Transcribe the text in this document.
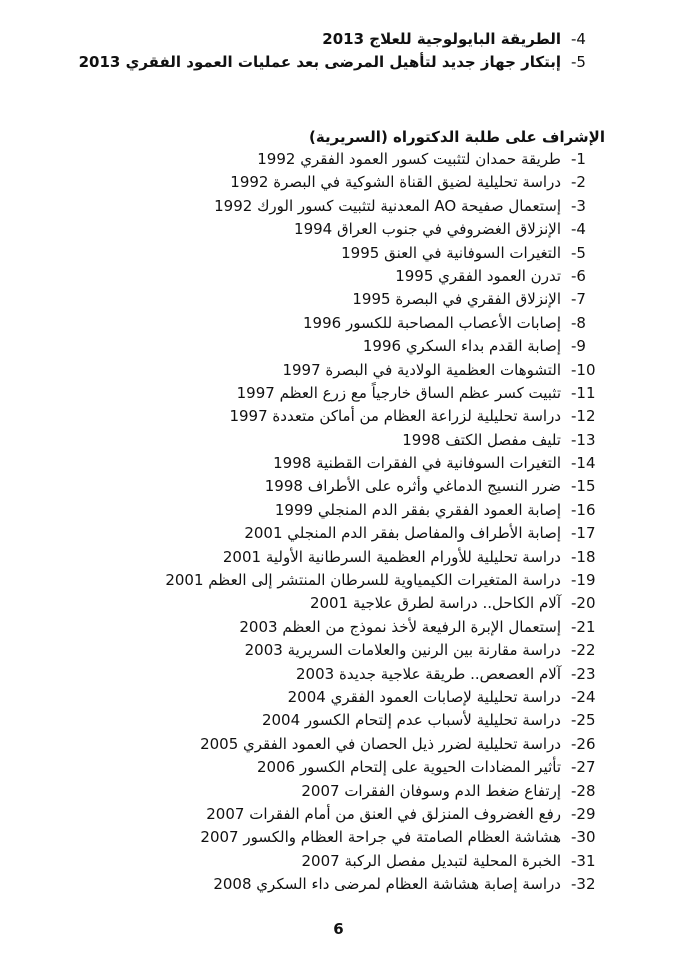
-4
الطريقة البايولوجية للعلاج 2013
-5
إبتكار جهاز جديد لتأهيل المرضى بعد عمليات العمود الفقري 2013
الإشراف على طلبة الدكتوراه (السريرية)
-1
طريقة حمدان لتثبيت كسور العمود الفقري 1992
-2
دراسة تحليلية لضيق القناة الشوكية في البصرة 1992
-3
إستعمال صفيحة AO المعدنية لتثبيت كسور الورك 1992
-4
الإنزلاق الغضروفي في جنوب العراق 1994
-5
التغيرات السوفانية في العنق 1995
-6
تدرن العمود الفقري 1995
-7
الإنزلاق الفقري في البصرة 1995
-8
إصابات الأعصاب المصاحبة للكسور 1996
-9
إصابة القدم بداء السكري 1996
-10
التشوهات العظمية الولادية في البصرة 1997
-11
تثبيت كسر عظم الساق خارجياً مع زرع العظم 1997
-12
دراسة تحليلية لزراعة العظام من أماكن متعددة 1997
-13
تليف مفصل الكتف 1998
-14
التغيرات السوفانية في الفقرات القطنية 1998
-15
ضرر النسيج الدماغي وأثره على الأطراف 1998
-16
إصابة العمود الفقري بفقر الدم المنجلي 1999
-17
إصابة الأطراف والمفاصل بفقر الدم المنجلي 2001
-18
دراسة تحليلية للأورام العظمية السرطانية الأولية 2001
-19
دراسة المتغيرات الكيمياوية للسرطان المنتشر إلى العظم 2001
-20
آلام الكاحل.. دراسة لطرق علاجية 2001
-21
إستعمال الإبرة الرفيعة لأخذ نموذج من العظم 2003
-22
دراسة مقارنة بين الرنين والعلامات السريرية 2003
-23
آلام العصعص.. طريقة علاجية جديدة 2003
-24
دراسة تحليلية لإصابات العمود الفقري 2004
-25
دراسة تحليلية لأسباب عدم إلتحام الكسور 2004
-26
دراسة تحليلية لضرر ذيل الحصان في العمود الفقري 2005
-27
تأثير المضادات الحيوية على إلتحام الكسور 2006
-28
إرتفاع ضغط الدم وسوفان الفقرات 2007
-29
رفع الغضروف المنزلق في العنق من أمام الفقرات 2007
-30
هشاشة العظام الصامتة في جراحة العظام والكسور 2007
-31
الخبرة المحلية لتبديل مفصل الركبة 2007
-32
دراسة إصابة هشاشة العظام لمرضى داء السكري 2008

6
